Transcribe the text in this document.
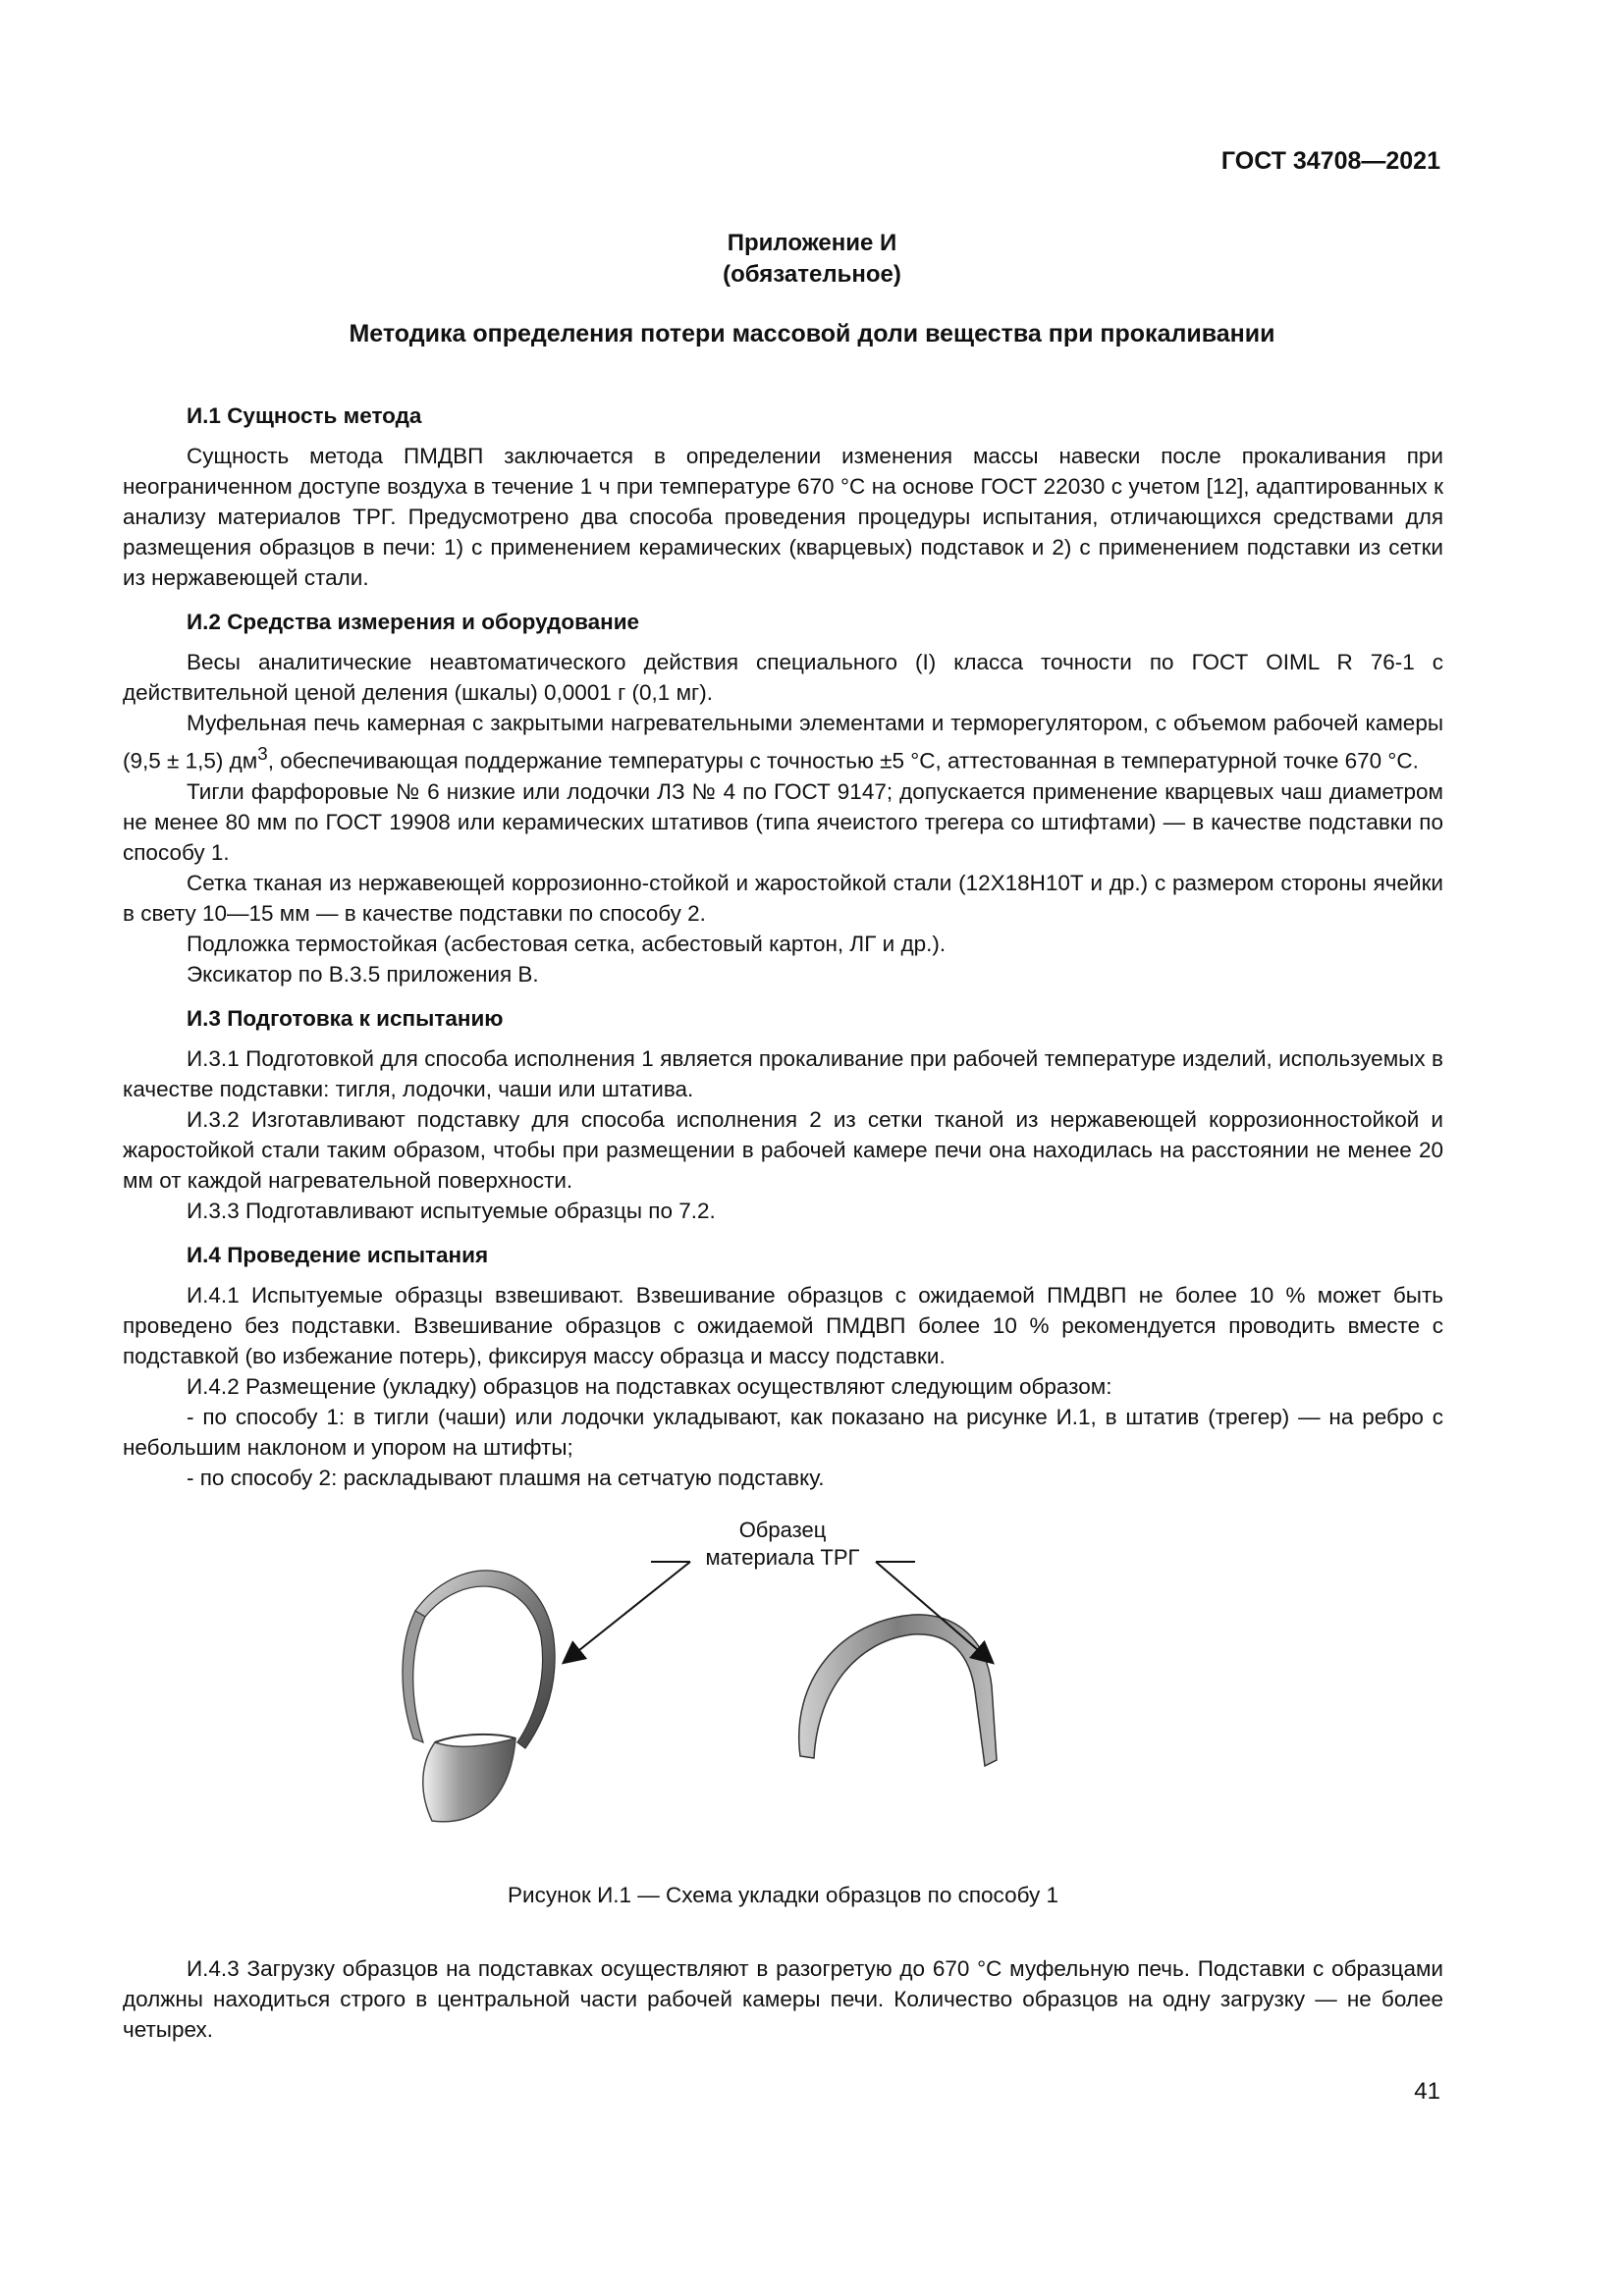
ГОСТ 34708—2021
Приложение И
(обязательное)
Методика определения потери массовой доли вещества при прокаливании

И.1 Сущность метода

Сущность метода ПМДВП заключается в определении изменения массы навески после прокаливания при неограниченном доступе воздуха в течение 1 ч при температуре 670 °С на основе ГОСТ 22030 с учетом [12], адаптированных к анализу материалов ТРГ. Предусмотрено два способа проведения процедуры испытания, отличающихся средствами для размещения образцов в печи: 1) с применением керамических (кварцевых) подставок и 2) с применением подставки из сетки из нержавеющей стали.

И.2 Средства измерения и оборудование

Весы аналитические неавтоматического действия специального (I) класса точности по ГОСТ OIML R 76-1 с действительной ценой деления (шкалы) 0,0001 г (0,1 мг).

Муфельная печь камерная с закрытыми нагревательными элементами и терморегулятором, с объемом рабочей камеры (9,5 ± 1,5) $дм^3$, обеспечивающая поддержание температуры с точностью ±5 °С, аттестованная в температурной точке 670 °С.

Тигли фарфоровые № 6 низкие или лодочки ЛЗ № 4 по ГОСТ 9147; допускается применение кварцевых чаш диаметром не менее 80 мм по ГОСТ 19908 или керамических штативов (типа ячеистого трегера со штифтами) — в качестве подставки по способу 1.

Сетка тканая из нержавеющей коррозионно-стойкой и жаростойкой стали (12Х18Н10Т и др.) с размером стороны ячейки в свету 10—15 мм — в качестве подставки по способу 2.

Подложка термостойкая (асбестовая сетка, асбестовый картон, ЛГ и др.).

Эксикатор по В.3.5 приложения В.

И.3 Подготовка к испытанию

И.3.1 Подготовкой для способа исполнения 1 является прокаливание при рабочей температуре изделий, используемых в качестве подставки: тигля, лодочки, чаши или штатива.

И.3.2 Изготавливают подставку для способа исполнения 2 из сетки тканой из нержавеющей коррозионностойкой и жаростойкой стали таким образом, чтобы при размещении в рабочей камере печи она находилась на расстоянии не менее 20 мм от каждой нагревательной поверхности.

И.3.3 Подготавливают испытуемые образцы по 7.2.

И.4 Проведение испытания

И.4.1 Испытуемые образцы взвешивают. Взвешивание образцов с ожидаемой ПМДВП не более 10 % может быть проведено без подставки. Взвешивание образцов с ожидаемой ПМДВП более 10 % рекомендуется проводить вместе с подставкой (во избежание потерь), фиксируя массу образца и массу подставки.

И.4.2 Размещение (укладку) образцов на подставках осуществляют следующим образом:

- по способу 1: в тигли (чаши) или лодочки укладывают, как показано на рисунке И.1, в штатив (трегер) — на ребро с небольшим наклоном и упором на штифты;

- по способу 2: раскладывают плашмя на сетчатую подставку.

Образец
материала ТРГ
Рисунок И.1 — Схема укладки образцов по способу 1

И.4.3 Загрузку образцов на подставках осуществляют в разогретую до 670 °С муфельную печь. Подставки с образцами должны находиться строго в центральной части рабочей камеры печи. Количество образцов на одну загрузку — не более четырех.

41
